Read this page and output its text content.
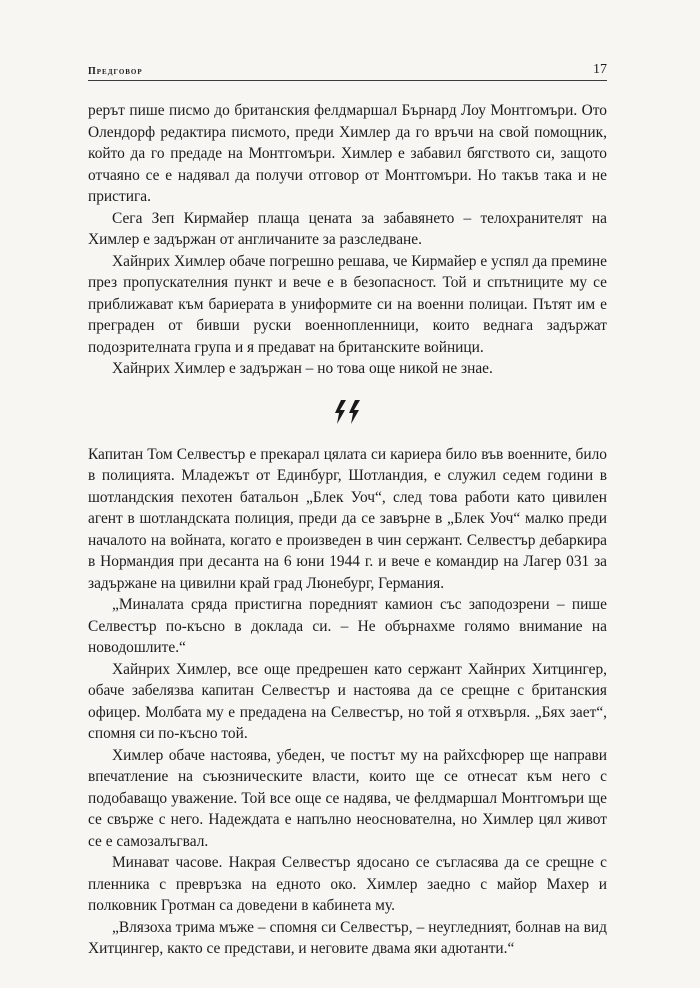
Предговор	17

рерът пише писмо до британския фелдмаршал Бърнард Лоу Монтгомъри. Ото Олендорф редактира писмото, преди Химлер да го връчи на свой помощник, който да го предаде на Монтгомъри. Химлер е забавил бягството си, защото отчаяно се е надявал да получи отговор от Монтгомъри. Но такъв така и не пристига.

Сега Зеп Кирмайер плаща цената за забавянето – телохранителят на Химлер е задържан от англичаните за разследване.

Хайнрих Химлер обаче погрешно решава, че Кирмайер е успял да премине през пропускателния пункт и вече е в безопасност. Той и спътниците му се приближават към бариерата в униформите си на военни полицаи. Пътят им е преграден от бивши руски военнопленници, които веднага задържат подозрителната група и я предават на британските войници.

Хайнрих Химлер е задържан – но това още никой не знае.

Капитан Том Селвестър е прекарал цялата си кариера било във военните, било в полицията. Младежът от Единбург, Шотландия, е служил седем години в шотландския пехотен батальон „Блек Уоч“, след това работи като цивилен агент в шотландската полиция, преди да се завърне в „Блек Уоч“ малко преди началото на войната, когато е произведен в чин сержант. Селвестър дебаркира в Нормандия при десанта на 6 юни 1944 г. и вече е командир на Лагер 031 за задържане на цивилни край град Люнебург, Германия.

„Миналата сряда пристигна поредният камион със заподозрени – пише Селвестър по-късно в доклада си. – Не обърнахме голямо внимание на новодошлите.“

Хайнрих Химлер, все още предрешен като сержант Хайнрих Хитцингер, обаче забелязва капитан Селвестър и настоява да се срещне с британския офицер. Молбата му е предадена на Селвестър, но той я отхвърля. „Бях зает“, спомня си по-късно той.

Химлер обаче настоява, убеден, че постът му на райхсфюрер ще направи впечатление на съюзническите власти, които ще се отнесат към него с подобаващо уважение. Той все още се надява, че фелдмаршал Монтгомъри ще се свърже с него. Надеждата е напълно неоснователна, но Химлер цял живот се е самозалъгвал.

Минават часове. Накрая Селвестър ядосано се съгласява да се срещне с пленника с превръзка на едното око. Химлер заедно с майор Махер и полковник Гротман са доведени в кабинета му.

„Влязохa трима мъже – спомня си Селвестър, – неугледният, болнав на вид Хитцингер, както се представи, и неговите двама яки адютанти.“
